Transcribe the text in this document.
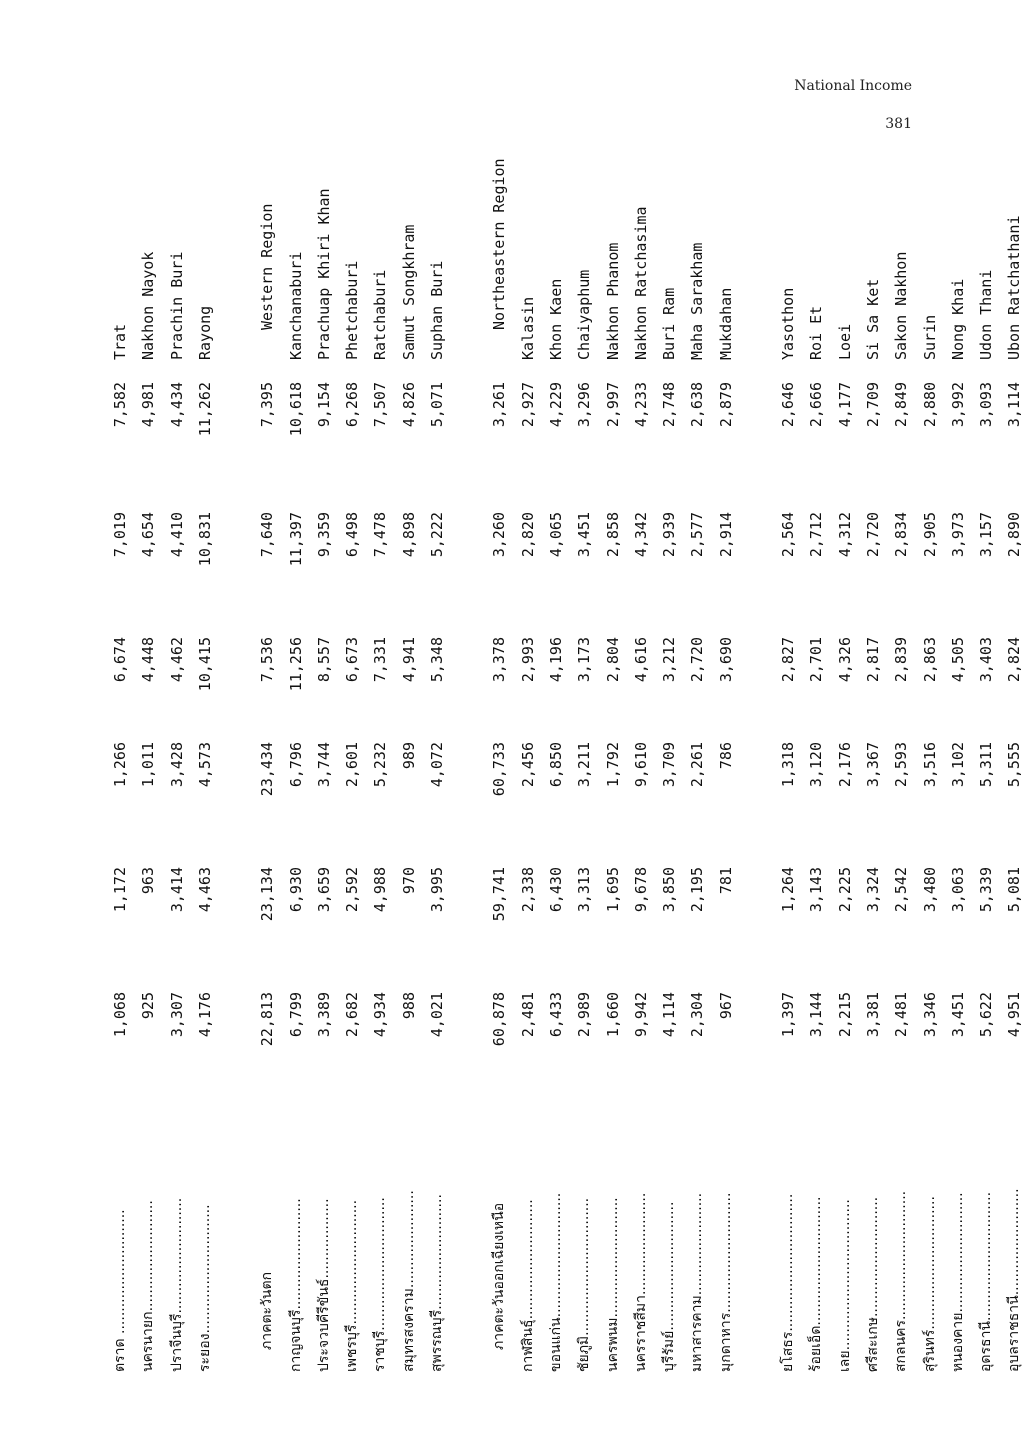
National Income
381
ตราด ............................
1,068
1,172
1,266
6,674
7,019
7,582
Trat
นครนายก.........................
925
963
1,011
4,448
4,654
4,981
Nakhon Nayok
ปราจีนบุรี..........................
3,307
3,414
3,428
4,462
4,410
4,434
Prachin Buri
ระยอง.............................
4,176
4,463
4,573
10,415
10,831
11,262
Rayong
ภาคตะวันตก
22,813
23,134
23,434
7,536
7,640
7,395
Western Region
กาญจนบุรี.........................
6,799
6,930
6,796
11,256
11,397
10,618
Kanchanaburi
ประจวบคีรีขันธ์..................
3,389
3,659
3,744
8,557
9,359
9,154
Prachuap Khiri Khan
เพชรบุรี............................
2,682
2,592
2,601
6,673
6,498
6,268
Phetchaburi
ราชบุรี..............................
4,934
4,988
5,232
7,331
7,478
7,507
Ratchaburi
สมุทรสงคราม......................
988
970
989
4,941
4,898
4,826
Samut Songkhram
สุพรรณบุรี..........................
4,021
3,995
4,072
5,348
5,222
5,071
Suphan Buri
ภาคตะวันออกเฉียงเหนือ
60,878
59,741
60,733
3,378
3,260
3,261
Northeastern Region
กาฬสินธุ์...........................
2,481
2,338
2,456
2,993
2,820
2,927
Kalasin
ขอนแก่น............................
6,433
6,430
6,850
4,196
4,065
4,229
Khon Kaen
ชัยภูมิ...............................
2,989
3,313
3,211
3,173
3,451
3,296
Chaiyaphum
นครพนม...........................
1,660
1,695
1,792
2,804
2,858
2,997
Nakhon Phanom
นครราชสีมา.......................
9,942
9,678
9,610
4,616
4,342
4,233
Nakhon Ratchasima
บุรีรัมย์.............................
4,114
3,850
3,709
3,212
2,939
2,748
Buri Ram
มหาสารคาม.......................
2,304
2,195
2,261
2,720
2,577
2,638
Maha Sarakham
มุกดาหาร...........................
967
781
786
3,690
2,914
2,879
Mukdahan
ยโสธร...............................
1,397
1,264
1,318
2,827
2,564
2,646
Yasothon
ร้อยเอ็ด.............................
3,144
3,143
3,120
2,701
2,712
2,666
Roi Et
เลย..................................
2,215
2,225
2,176
4,326
4,312
4,177
Loei
ศรีสะเกษ...........................
3,381
3,324
3,367
2,817
2,720
2,709
Si Sa Ket
สกลนคร.............................
2,481
2,542
2,593
2,839
2,834
2,849
Sakon Nakhon
สุรินทร์..............................
3,346
3,480
3,516
2,863
2,905
2,880
Surin
หนองคาย...........................
3,451
3,063
3,102
4,505
3,973
3,992
Nong Khai
อุดรธานี.............................
5,622
5,339
5,311
3,403
3,157
3,093
Udon Thani
อุบลราชธานี........................
4,951
5,081
5,555
2,824
2,890
3,114
Ubon Ratchathani
